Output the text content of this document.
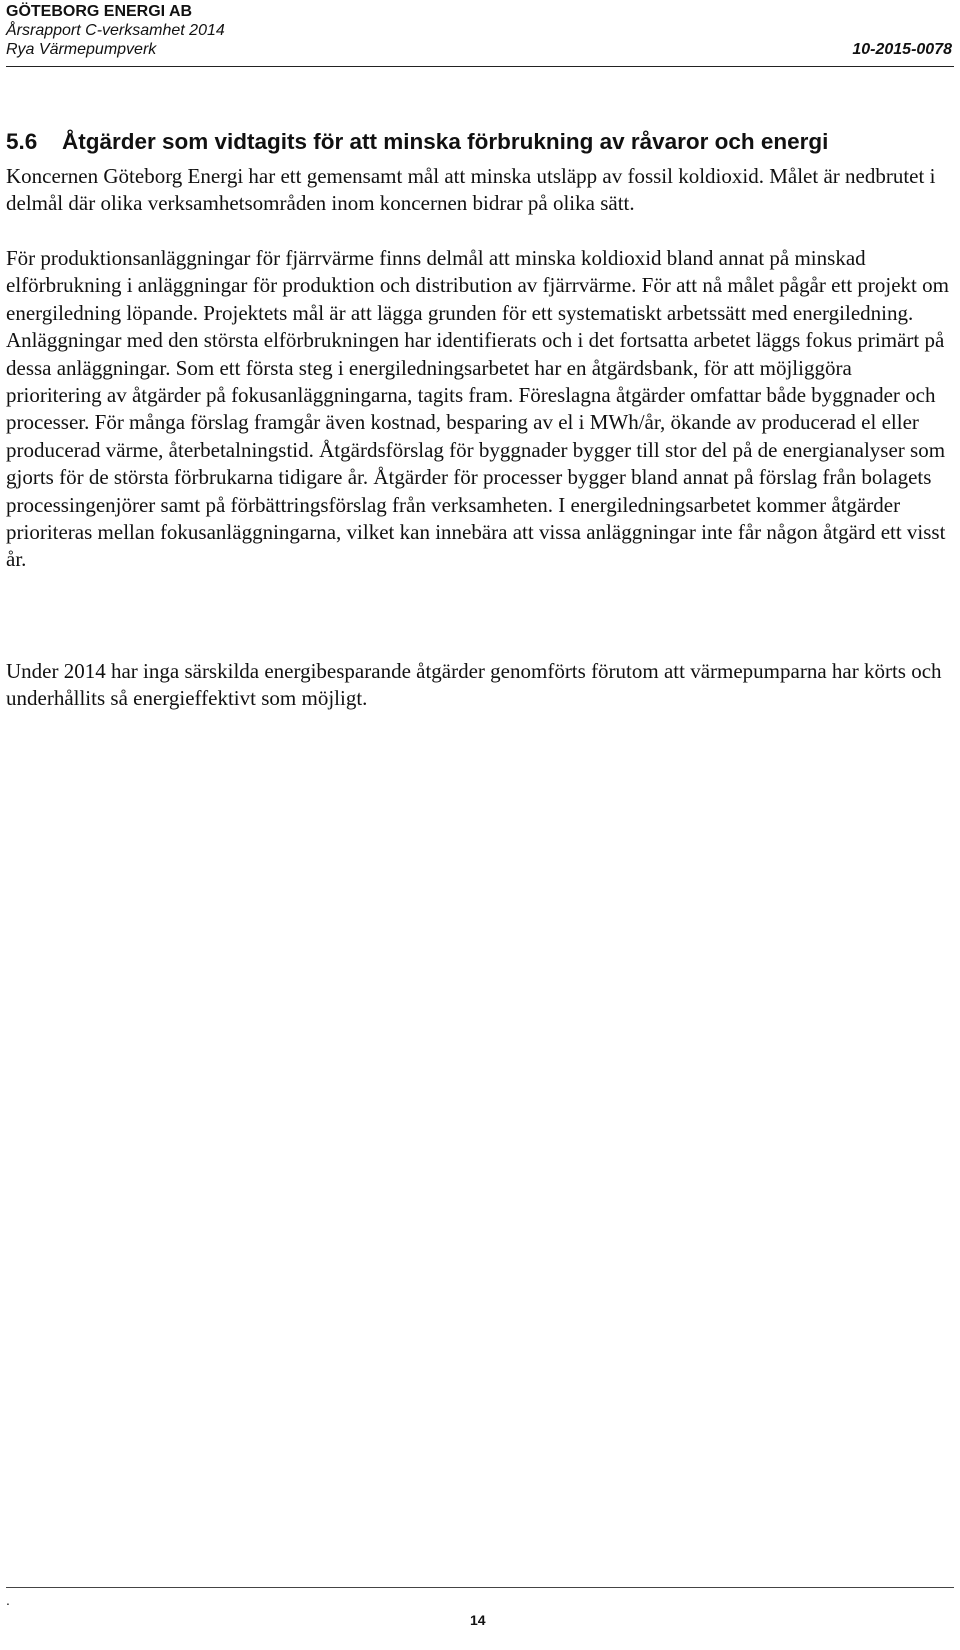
GÖTEBORG ENERGI AB
Årsrapport C-verksamhet 2014
Rya Värmepumpverk	10-2015-0078
5.6 Åtgärder som vidtagits för att minska förbrukning av råvaror och energi

Koncernen Göteborg Energi har ett gemensamt mål att minska utsläpp av fossil koldioxid. Målet är nedbrutet i delmål där olika verksamhetsområden inom koncernen bidrar på olika sätt.

För produktionsanläggningar för fjärrvärme finns delmål att minska koldioxid bland annat på minskad elförbrukning i anläggningar för produktion och distribution av fjärrvärme. För att nå målet pågår ett projekt om energiledning löpande. Projektets mål är att lägga grunden för ett systematiskt arbetssätt med energiledning. Anläggningar med den största elförbrukningen har identifierats och i det fortsatta arbetet läggs fokus primärt på dessa anläggningar. Som ett första steg i energiledningsarbetet har en åtgärdsbank, för att möjliggöra prioritering av åtgärder på fokusanläggningarna, tagits fram. Föreslagna åtgärder omfattar både byggnader och processer. För många förslag framgår även kostnad, besparing av el i MWh/år, ökande av producerad el eller producerad värme, återbetalningstid. Åtgärdsförslag för byggnader bygger till stor del på de energianalyser som gjorts för de största förbrukarna tidigare år. Åtgärder för processer bygger bland annat på förslag från bolagets processingenjörer samt på förbättringsförslag från verksamheten. I energiledningsarbetet kommer åtgärder prioriteras mellan fokusanläggningarna, vilket kan innebära att vissa anläggningar inte får någon åtgärd ett visst år.

Under 2014 har inga särskilda energibesparande åtgärder genomförts förutom att värmepumparna har körts och underhållits så energieffektivt som möjligt.

.
14
